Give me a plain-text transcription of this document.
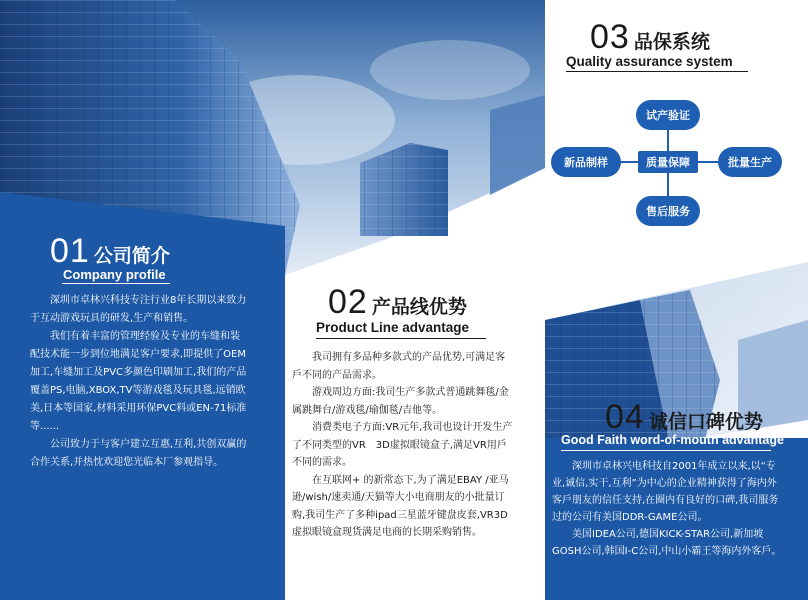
01 公司简介
Company profile

深圳市卓林兴科技专注行业8年长期以来致力于互动游戏玩具的研发,生产和销售。

我们有着丰富的管理经验及专业的车缝和装配技术能一步到位地满足客户要求,即提供了OEM加工,车缝加工及PVC多颜色印刷加工,我们的产品覆盖PS,电脑,XBOX,TV等游戏毯及玩具毯,远销欧美,日本等国家,材料采用环保PVC料或EN-71标准等......

公司致力于与客户建立互惠,互利,共创双赢的合作关系,并热忱欢迎您光临本厂参观指导。

02 产品线优势
Product Line advantage

我司拥有多品种多款式的产品优势,可满足客戶不同的产品需求。

游戏周边方面:我司生产多款式普通跳舞毯/金属跳舞台/游戏毯/瑜伽毯/吉他等。

消费类电子方面:VR元年,我司也设计开发生产了不同类型的VR　3D虚拟眼镜盒子,满足VR用戶不同的需求。

在互联网+ 的新常态下,为了满足EBAY /亚马逊/wish/速卖通/天猫等大小电商朋友的小批量订购,我司生产了多种ipad三星蓝牙键盘皮套,VR3D虚拟眼镜盒现货满足电商的长期采购销售。

03 品保系统
Quality assurance system
试产验证
新品制样	质量保障	批量生产
售后服务
04 诚信口碑优势
Good Faith word-of-mouth advantage

深圳市卓林兴电科技自2001年成立以来,以“专业,诚信,实干,互利”为中心的企业精神获得了海内外客戶朋友的信任支持,在圈内有良好的口碑,我司服务过的公司有美国DDR-GAME公司。

美国IDEA公司,德国KICK-STAR公司,新加坡GOSH公司,韩国I-C公司,中山小霸王等海内外客戶。
